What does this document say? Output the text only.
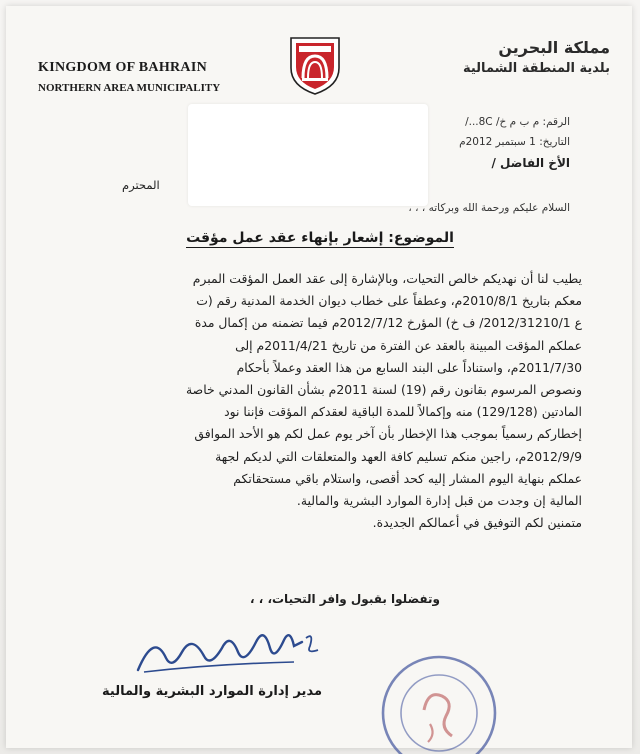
KINGDOM OF BAHRAIN
NORTHERN AREA MUNICIPALITY
مملكة البحرين
بلدية المنطقة الشمالية
الرقم: م ب م خ/ 8C.../
التاريخ: 1 سبتمبر 2012م
الأخ الفاضل /
المحترم
السلام عليكم ورحمة الله وبركاته ، ، ،
الموضوع: إشعار بإنهاء عقد عمل مؤقت

يطيب لنا أن نهديكم خالص التحيات، وبالإشارة إلى عقد العمل المؤقت المبرم

معكم بتاريخ 2010/8/1م، وعطفاً على خطاب ديوان الخدمة المدنية رقم (ت

ع 2012/31210/1/ ف خ) المؤرخ 2012/7/12م فيما تضمنه من إكمال مدة

عملكم المؤقت المبينة بالعقد عن الفترة من تاريخ 2011/4/21م إلى

2011/7/30م، واستناداً على البند السابع من هذا العقد وعملاً بأحكام

ونصوص المرسوم بقانون رقم (19) لسنة 2011م بشأن القانون المدني خاصة

المادتين (129/128) منه وإكمالاً للمدة الباقية لعقدكم المؤقت فإننا نود

إخطاركم رسمياً بموجب هذا الإخطار بأن آخر يوم عمل لكم هو الأحد الموافق

2012/9/9م، راجين منكم تسليم كافة العهد والمتعلقات التي لديكم لجهة

عملكم بنهاية اليوم المشار إليه كحد أقصى، واستلام باقي مستحقاتكم

المالية إن وجدت من قبل إدارة الموارد البشرية والمالية.

متمنين لكم التوفيق في أعمالكم الجديدة.

وتفضلوا بقبول وافر التحيات، ، ،
مدير إدارة الموارد البشرية والمالية
